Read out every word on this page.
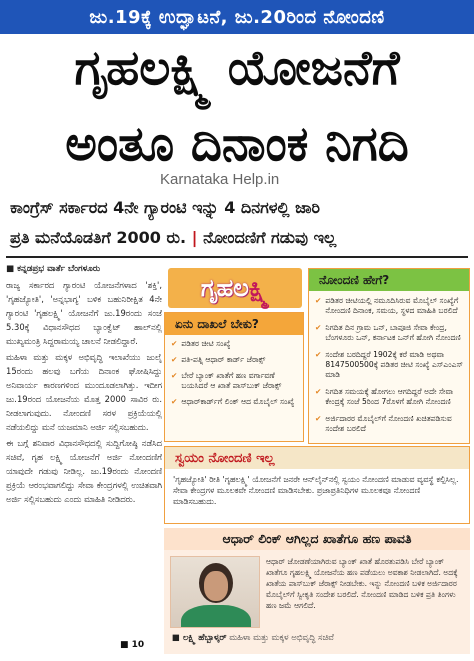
ಜು.19ಕ್ಕೆ ಉದ್ಘಾಟನೆ, ಜು.20ರಿಂದ ನೋಂದಣಿ
ಗೃಹಲಕ್ಷ್ಮಿ ಯೋಜನೆಗೆ
ಅಂತೂ ದಿನಾಂಕ ನಿಗದಿ
Karnataka Help.in
ಕಾಂಗ್ರೆಸ್ ಸರ್ಕಾರದ 4ನೇ ಗ್ಯಾರಂಟಿ ಇನ್ನು 4 ದಿನಗಳಲ್ಲಿ ಜಾರಿ
ಪ್ರತಿ ಮನೆಯೊಡತಿಗೆ 2000 ರು. | ನೋಂದಣಿಗೆ ಗಡುವು ಇಲ್ಲ

■ ಕನ್ನಡಪ್ರಭ ವಾರ್ತೆ ಬೆಂಗಳೂರು

ರಾಜ್ಯ ಸರ್ಕಾರದ ಗ್ಯಾರಂಟಿ ಯೋಜನೆಗಳಾದ 'ಶಕ್ತಿ', 'ಗೃಹಜ್ಯೋತಿ', 'ಅನ್ನಭಾಗ್ಯ' ಬಳಿಕ ಬಹುನಿರೀಕ್ಷಿತ 4ನೇ ಗ್ಯಾರಂಟಿ 'ಗೃಹಲಕ್ಷ್ಮಿ' ಯೋಜನೆಗೆ ಜು.19ರಂದು ಸಂಜೆ 5.30ಕ್ಕೆ ವಿಧಾನಸೌಧದ ಬ್ಯಾಂಕ್ವೆಟ್ ಹಾಲ್‌ನಲ್ಲಿ ಮುಖ್ಯಮಂತ್ರಿ ಸಿದ್ದರಾಮಯ್ಯ ಚಾಲನೆ ನೀಡಲಿದ್ದಾರೆ.

ಮಹಿಳಾ ಮತ್ತು ಮಕ್ಕಳ ಅಭಿವೃದ್ಧಿ ಇಲಾಖೆಯು ಜುಲೈ 15ರಂದು ಹಲವು ಬಗೆಯ ದಿನಾಂಕ ಘೋಷಿಸಿದ್ದು ಅನಿವಾರ್ಯ ಕಾರಣಗಳಿಂದ ಮುಂದೂಡಲಾಗಿತ್ತು. ಇದೀಗ ಜು.19ರಂದ ಯೋಜನೆಯ ಮೊತ್ತ 2000 ಸಾವಿರ ರು. ನೀಡಲಾಗುವುದು. ನೋಂದಣಿ ಸರಳ ಪ್ರಕ್ರಿಯೆಯಲ್ಲಿ ನಡೆಯಲಿದ್ದು ಮನೆ ಯಜಮಾನಿ ಅರ್ಜಿ ಸಲ್ಲಿಸಬಹುದು.

ಈ ಬಗ್ಗೆ ಶನಿವಾರ ವಿಧಾನಸೌಧದಲ್ಲಿ ಸುದ್ದಿಗೋಷ್ಠಿ ನಡೆಸಿದ ಸಚಿವೆ, ಗೃಹ ಲಕ್ಷ್ಮಿ ಯೋಜನೆಗೆ ಅರ್ಜಿ ನೋಂದಣಿಗೆ ಯಾವುದೇ ಗಡುವು ನೀಡಿಲ್ಲ. ಜು.19ರಂದು ನೋಂದಣಿ ಪ್ರಕ್ರಿಯೆ ಆರಂಭವಾಗಲಿದ್ದು ಸೇವಾ ಕೇಂದ್ರಗಳಲ್ಲಿ ಉಚಿತವಾಗಿ ಅರ್ಜಿ ಸಲ್ಲಿಸಬಹುದು ಎಂದು ಮಾಹಿತಿ ನೀಡಿದರು.

■ 10
ಗೃಹಲ ಕ್ಷ್ಮಿ
ಏನು ದಾಖಲೆ ಬೇಕು?
✔ ಪಡಿತರ ಚೀಟಿ ಸಂಖ್ಯೆ
✔ ಪತಿ-ಪತ್ನಿ ಆಧಾರ್ ಕಾರ್ಡ್ ಜೆರಾಕ್ಸ್
✔ ಬೇರೆ ಬ್ಯಾಂಕ್ ಖಾತೆಗೆ ಹಣ ವರ್ಗಾವಣೆ ಬಯಸಿದರೆ ಆ ಖಾತೆ ಪಾಸ್‌ಬುಕ್ ಜೆರಾಕ್ಸ್
✔ ಆಧಾರ್‌ಕಾರ್ಡ್‌ಗೆ ಲಿಂಕ್ ಆದ ಮೊಬೈಲ್ ಸಂಖ್ಯೆ
ನೋಂದಣಿ ಹೇಗೆ?
✔ ಪಡಿತರ ಚೀಟಿಯಲ್ಲಿ ನಮೂದಿಸಿರುವ ಮೊಬೈಲ್ ಸಂಖ್ಯೆಗೆ ನೋಂದಣಿ ದಿನಾಂಕ, ಸಮಯ, ಸ್ಥಳದ ಮಾಹಿತಿ ಬರಲಿದೆ
✔ ನಿಗದಿತ ದಿನ ಗ್ರಾಮ ಒನ್, ಬಾಪೂಜಿ ಸೇವಾ ಕೇಂದ್ರ, ಬೆಂಗಳೂರು ಒನ್, ಕರ್ನಾಟಕ ಒನ್‌ಗೆ ಹೋಗಿ ನೋಂದಣಿ
✔ ಸಂದೇಶ ಬರದಿದ್ದರೆ 1902ಕ್ಕೆ ಕರೆ ಮಾಡಿ ಅಥವಾ 8147500500ಕ್ಕೆ ಪಡಿತರ ಚೀಟಿ ಸಂಖ್ಯೆ ಎಸ್‌ಎಂಎಸ್ ಮಾಡಿ
✔ ನಿಗದಿತ ಸಮಯಕ್ಕೆ ಹೋಗಲು ಆಗದಿದ್ದರೆ ಅದೇ ಸೇವಾ ಕೇಂದ್ರಕ್ಕೆ ಸಂಜೆ 5ರಿಂದ 7ರೊಳಗೆ ಹೋಗಿ ನೋಂದಣಿ
✔ ಅರ್ಜಿದಾರರ ಮೊಬೈಲ್‌ಗೆ ನೋಂದಣಿ ಖಚಿತಪಡಿಸುವ ಸಂದೇಶ ಬರಲಿದೆ
ಸ್ವಯಂ ನೋಂದಣಿ ಇಲ್ಲ
'ಗೃಹಜ್ಯೋತಿ' ರೀತಿ 'ಗೃಹಲಕ್ಷ್ಮಿ' ಯೋಜನೆಗೆ ಜನರೇ ಆನ್‌ಲೈನ್‌ನಲ್ಲಿ ಸ್ವಯಂ ನೋಂದಣಿ ಮಾಡುವ ವ್ಯವಸ್ಥೆ ಕಲ್ಪಿಸಿಲ್ಲ. ಸೇವಾ ಕೇಂದ್ರಗಳ ಮೂಲಕವೇ ನೋಂದಣಿ ಮಾಡಿಸಬೇಕು. ಪ್ರಜಾಪ್ರತಿನಿಧಿಗಳ ಮೂಲಕವೂ ನೋಂದಣಿ ಮಾಡಿಸಬಹುದು.
ಆಧಾರ್ ಲಿಂಕ್ ಆಗಿಲ್ಲದ ಖಾತೆಗೂ ಹಣ ಪಾವತಿ
ಆಧಾರ್ ಜೋಡಣೆಯಾಗಿರುವ ಬ್ಯಾಂಕ್ ಖಾತೆ ಹೊರತುಪಡಿಸಿ ಬೇರೆ ಬ್ಯಾಂಕ್ ಖಾತೆಗೂ ಗೃಹಲಕ್ಷ್ಮಿ ಯೋಜನೆಯ ಹಣ ಪಡೆಯಲು ಅವಕಾಶ ನೀಡಲಾಗಿದೆ. ಅದಕ್ಕೆ ಖಾತೆಯ ಪಾಸ್‌ಬುಕ್ ಜೆರಾಕ್ಸ್ ನೀಡಬೇಕು. ಇನ್ನು ನೋಂದಣಿ ಬಳಿಕ ಅರ್ಜಿದಾರರ ಮೊಬೈಲ್‌ಗೆ ಸ್ವೀಕೃತಿ ಸಂದೇಶ ಬರಲಿದೆ. ನೋಂದಣಿ ಮಾಡಿದ ಬಳಿಕ ಪ್ರತಿ ತಿಂಗಳು ಹಣ ಜಮೆ ಆಗಲಿದೆ.
■ ಲಕ್ಷ್ಮಿ ಹೆಬ್ಬಾಳ್ಕರ್ ಮಹಿಳಾ ಮತ್ತು ಮಕ್ಕಳ ಅಭಿವೃದ್ಧಿ ಸಚಿವೆ
